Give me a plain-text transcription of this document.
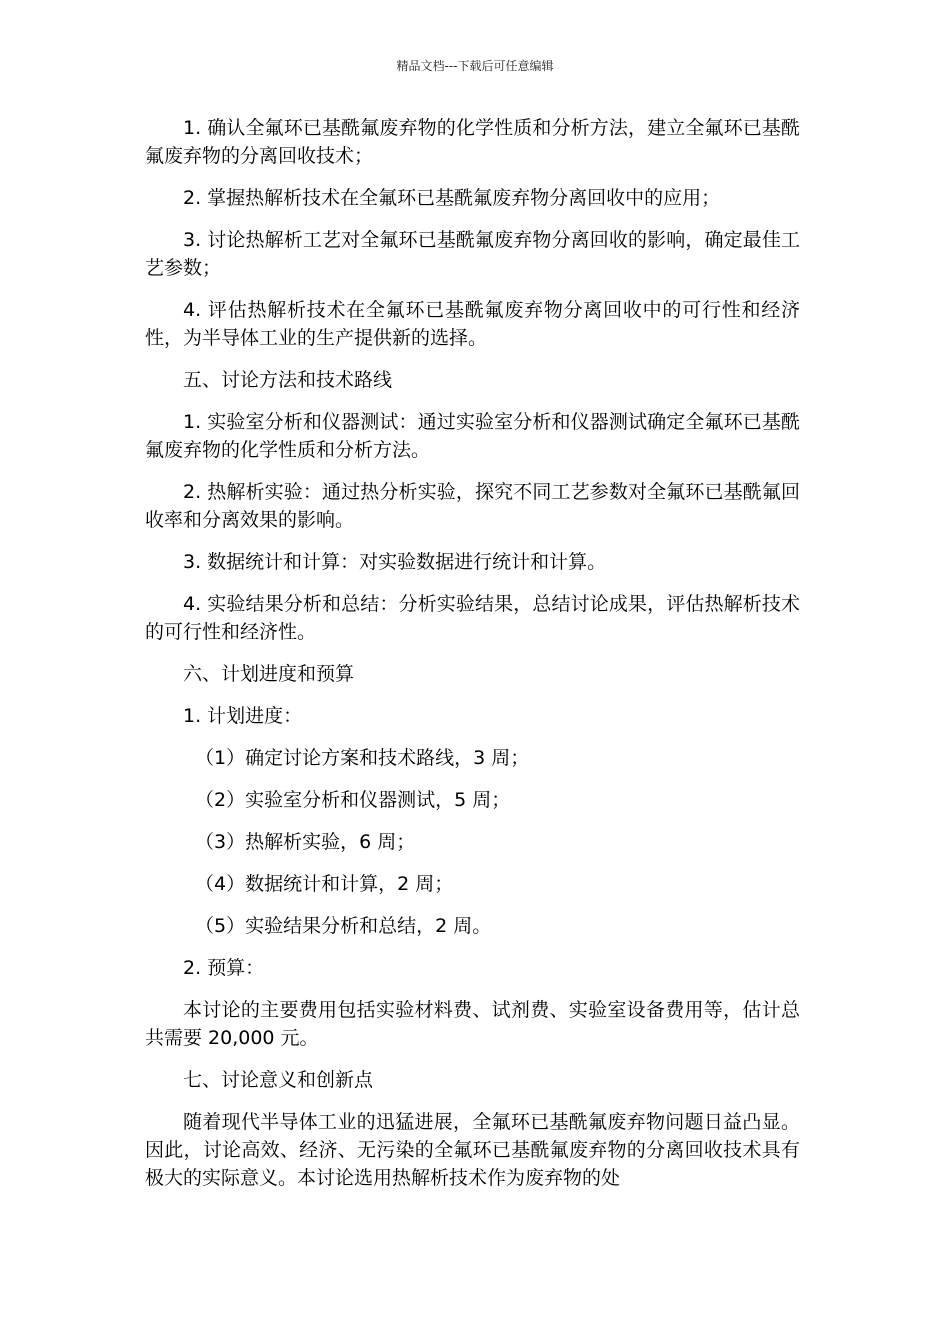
精品文档---下载后可任意编辑

1. 确认全氟环已基酰氟废弃物的化学性质和分析方法，建立全氟环已基酰氟废弃物的分离回收技术；

2. 掌握热解析技术在全氟环已基酰氟废弃物分离回收中的应用；

3. 讨论热解析工艺对全氟环已基酰氟废弃物分离回收的影响，确定最佳工艺参数；

4. 评估热解析技术在全氟环已基酰氟废弃物分离回收中的可行性和经济性，为半导体工业的生产提供新的选择。

五、讨论方法和技术路线

1. 实验室分析和仪器测试：通过实验室分析和仪器测试确定全氟环已基酰氟废弃物的化学性质和分析方法。

2. 热解析实验：通过热分析实验，探究不同工艺参数对全氟环已基酰氟回收率和分离效果的影响。

3. 数据统计和计算：对实验数据进行统计和计算。

4. 实验结果分析和总结：分析实验结果，总结讨论成果，评估热解析技术的可行性和经济性。

六、计划进度和预算

1. 计划进度：

（1）确定讨论方案和技术路线，3 周；

（2）实验室分析和仪器测试，5 周；

（3）热解析实验，6 周；

（4）数据统计和计算，2 周；

（5）实验结果分析和总结，2 周。

2. 预算：

本讨论的主要费用包括实验材料费、试剂费、实验室设备费用等，估计总共需要 20,000 元。

七、讨论意义和创新点

随着现代半导体工业的迅猛进展，全氟环已基酰氟废弃物问题日益凸显。因此，讨论高效、经济、无污染的全氟环已基酰氟废弃物的分离回收技术具有极大的实际意义。本讨论选用热解析技术作为废弃物的处
